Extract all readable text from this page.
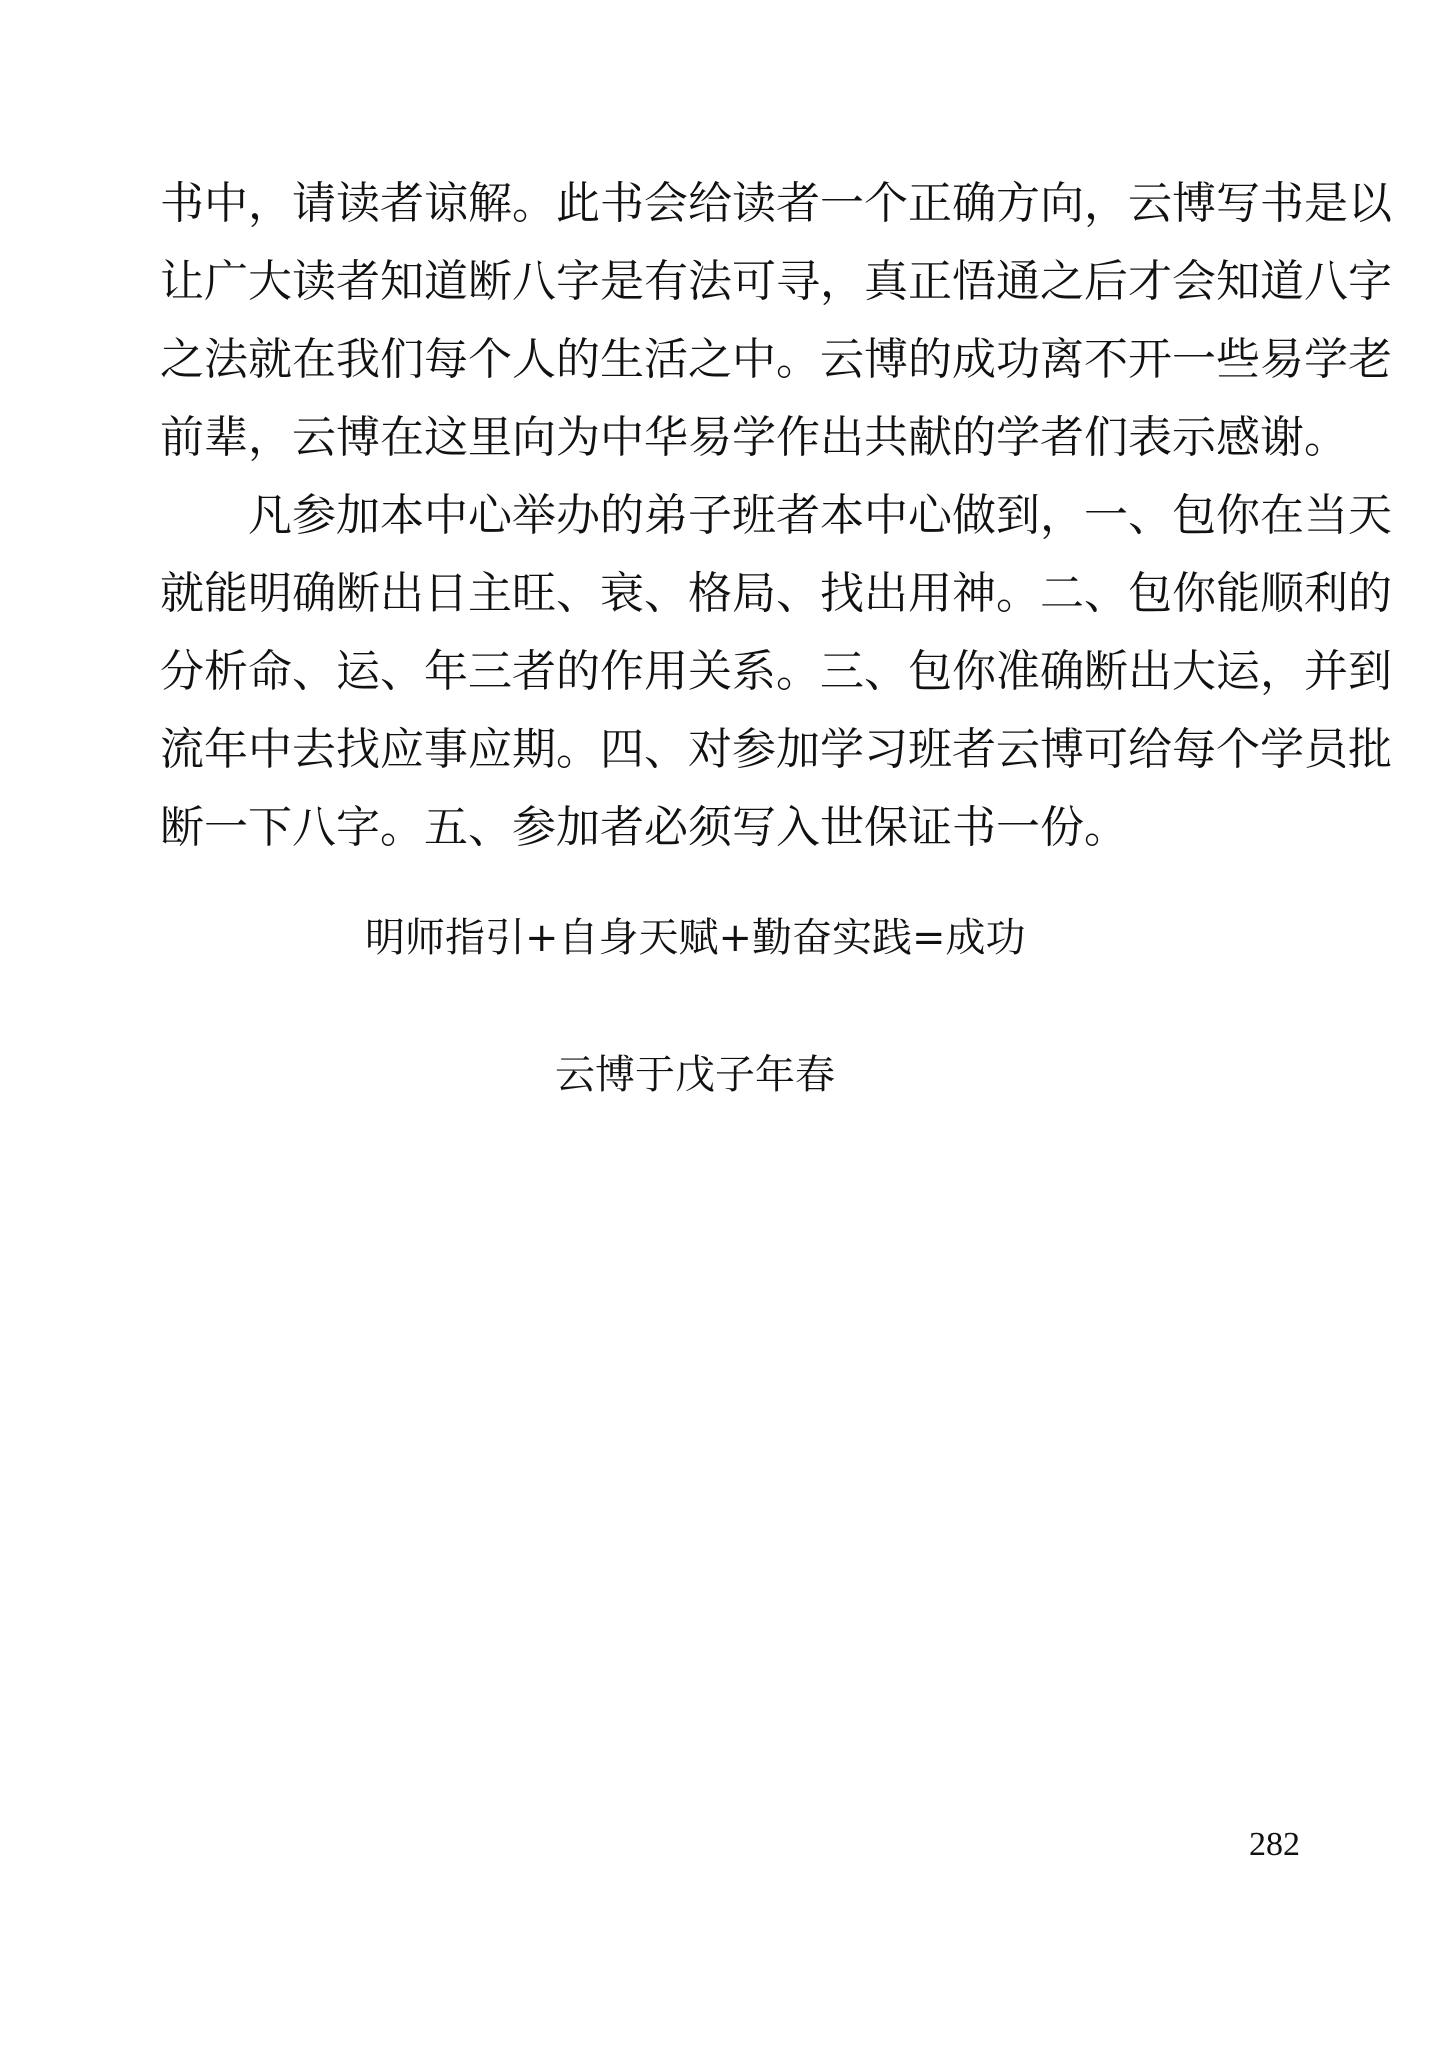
书中，请读者谅解。此书会给读者一个正确方向，云博写书是以
让广大读者知道断八字是有法可寻，真正悟通之后才会知道八字
之法就在我们每个人的生活之中。云博的成功离不开一些易学老
前辈，云博在这里向为中华易学作出共献的学者们表示感谢。
凡参加本中心举办的弟子班者本中心做到，一、包你在当天
就能明确断出日主旺、衰、格局、找出用神。二、包你能顺利的
分析命、运、年三者的作用关系。三、包你准确断出大运，并到
流年中去找应事应期。四、对参加学习班者云博可给每个学员批
断一下八字。五、参加者必须写入世保证书一份。
明师指引+自身天赋+勤奋实践=成功
云博于戊子年春
282
